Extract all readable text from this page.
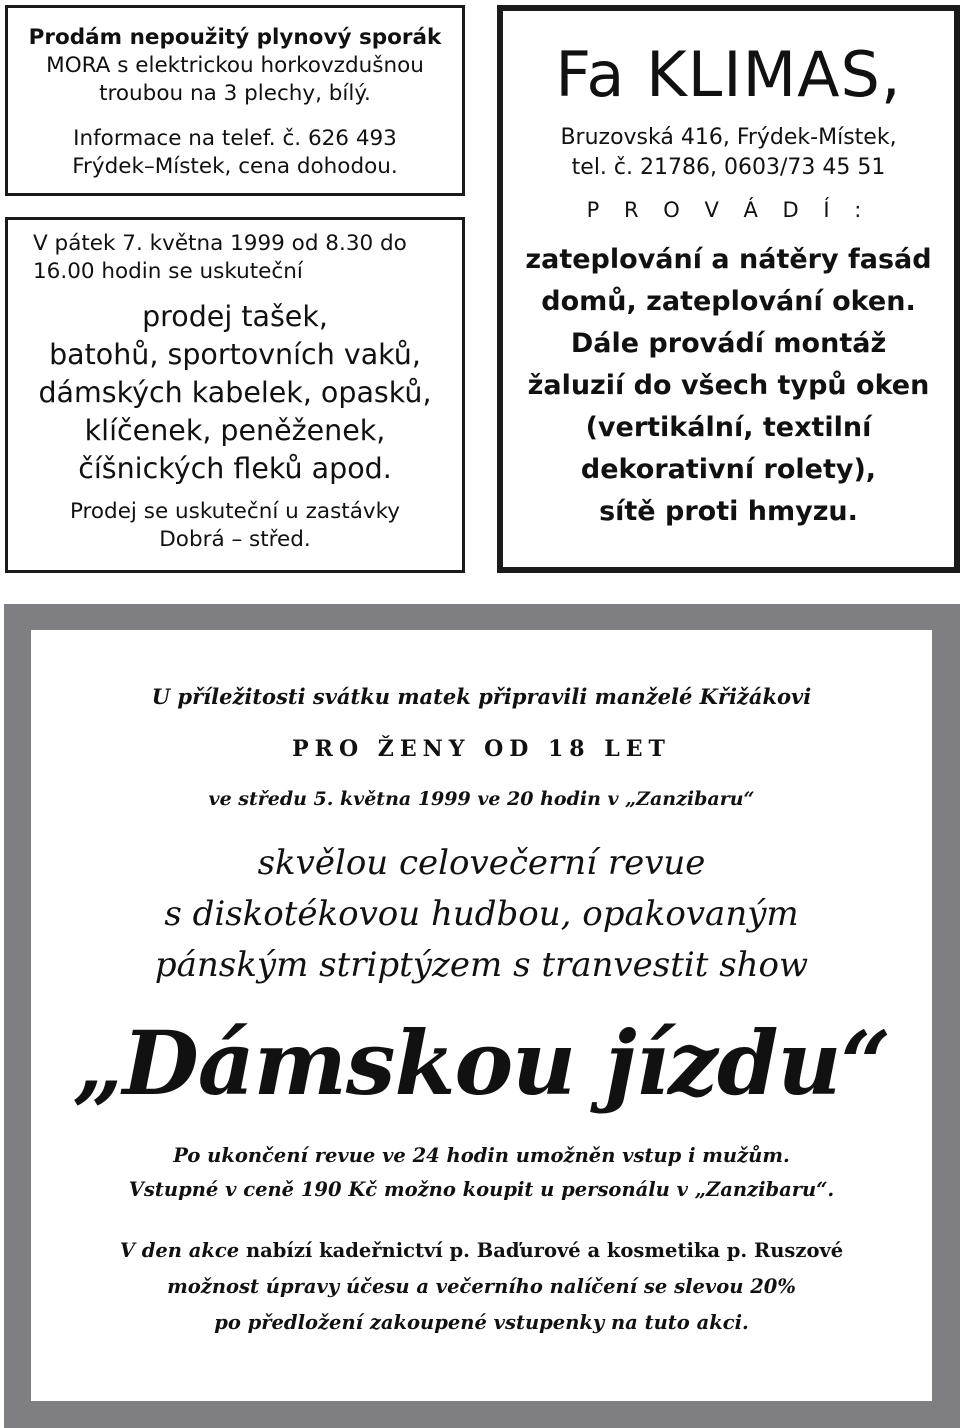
Prodám nepoužitý plynový sporák

MORA s elektrickou horkovzdušnou

troubou na 3 plechy, bílý.

Informace na telef. č. 626 493

Frýdek–Místek, cena dohodou.

V pátek 7. května 1999 od 8.30 do

16.00 hodin se uskuteční

prodej tašek,

batohů, sportovních vaků,

dámských kabelek, opasků,

klíčenek, peněženek,

číšnických fleků apod.

Prodej se uskuteční u zastávky

Dobrá – střed.

Fa KLIMAS,

Bruzovská 416, Frýdek-Místek,

tel. č. 21786, 0603/73 45 51

P R O V Á D Í :

zateplování a nátěry fasád

domů, zateplování oken.

Dále provádí montáž

žaluzií do všech typů oken

(vertikální, textilní

dekorativní rolety),

sítě proti hmyzu.

U příležitosti svátku matek připravili manželé Křižákovi

PRO ŽENY OD 18 LET

ve středu 5. května 1999 ve 20 hodin v „Zanzibaru“

skvělou celovečerní revue

s diskotékovou hudbou, opakovaným

pánským striptýzem s tranvestit show

„Dámskou jízdu“

Po ukončení revue ve 24 hodin umožněn vstup i mužům.

Vstupné v ceně 190 Kč možno koupit u personálu v „Zanzibaru“.

V den akce nabízí kadeřnictví p. Baďurové a kosmetika p. Ruszové

možnost úpravy účesu a večerního nalíčení se slevou 20%

po předložení zakoupené vstupenky na tuto akci.
